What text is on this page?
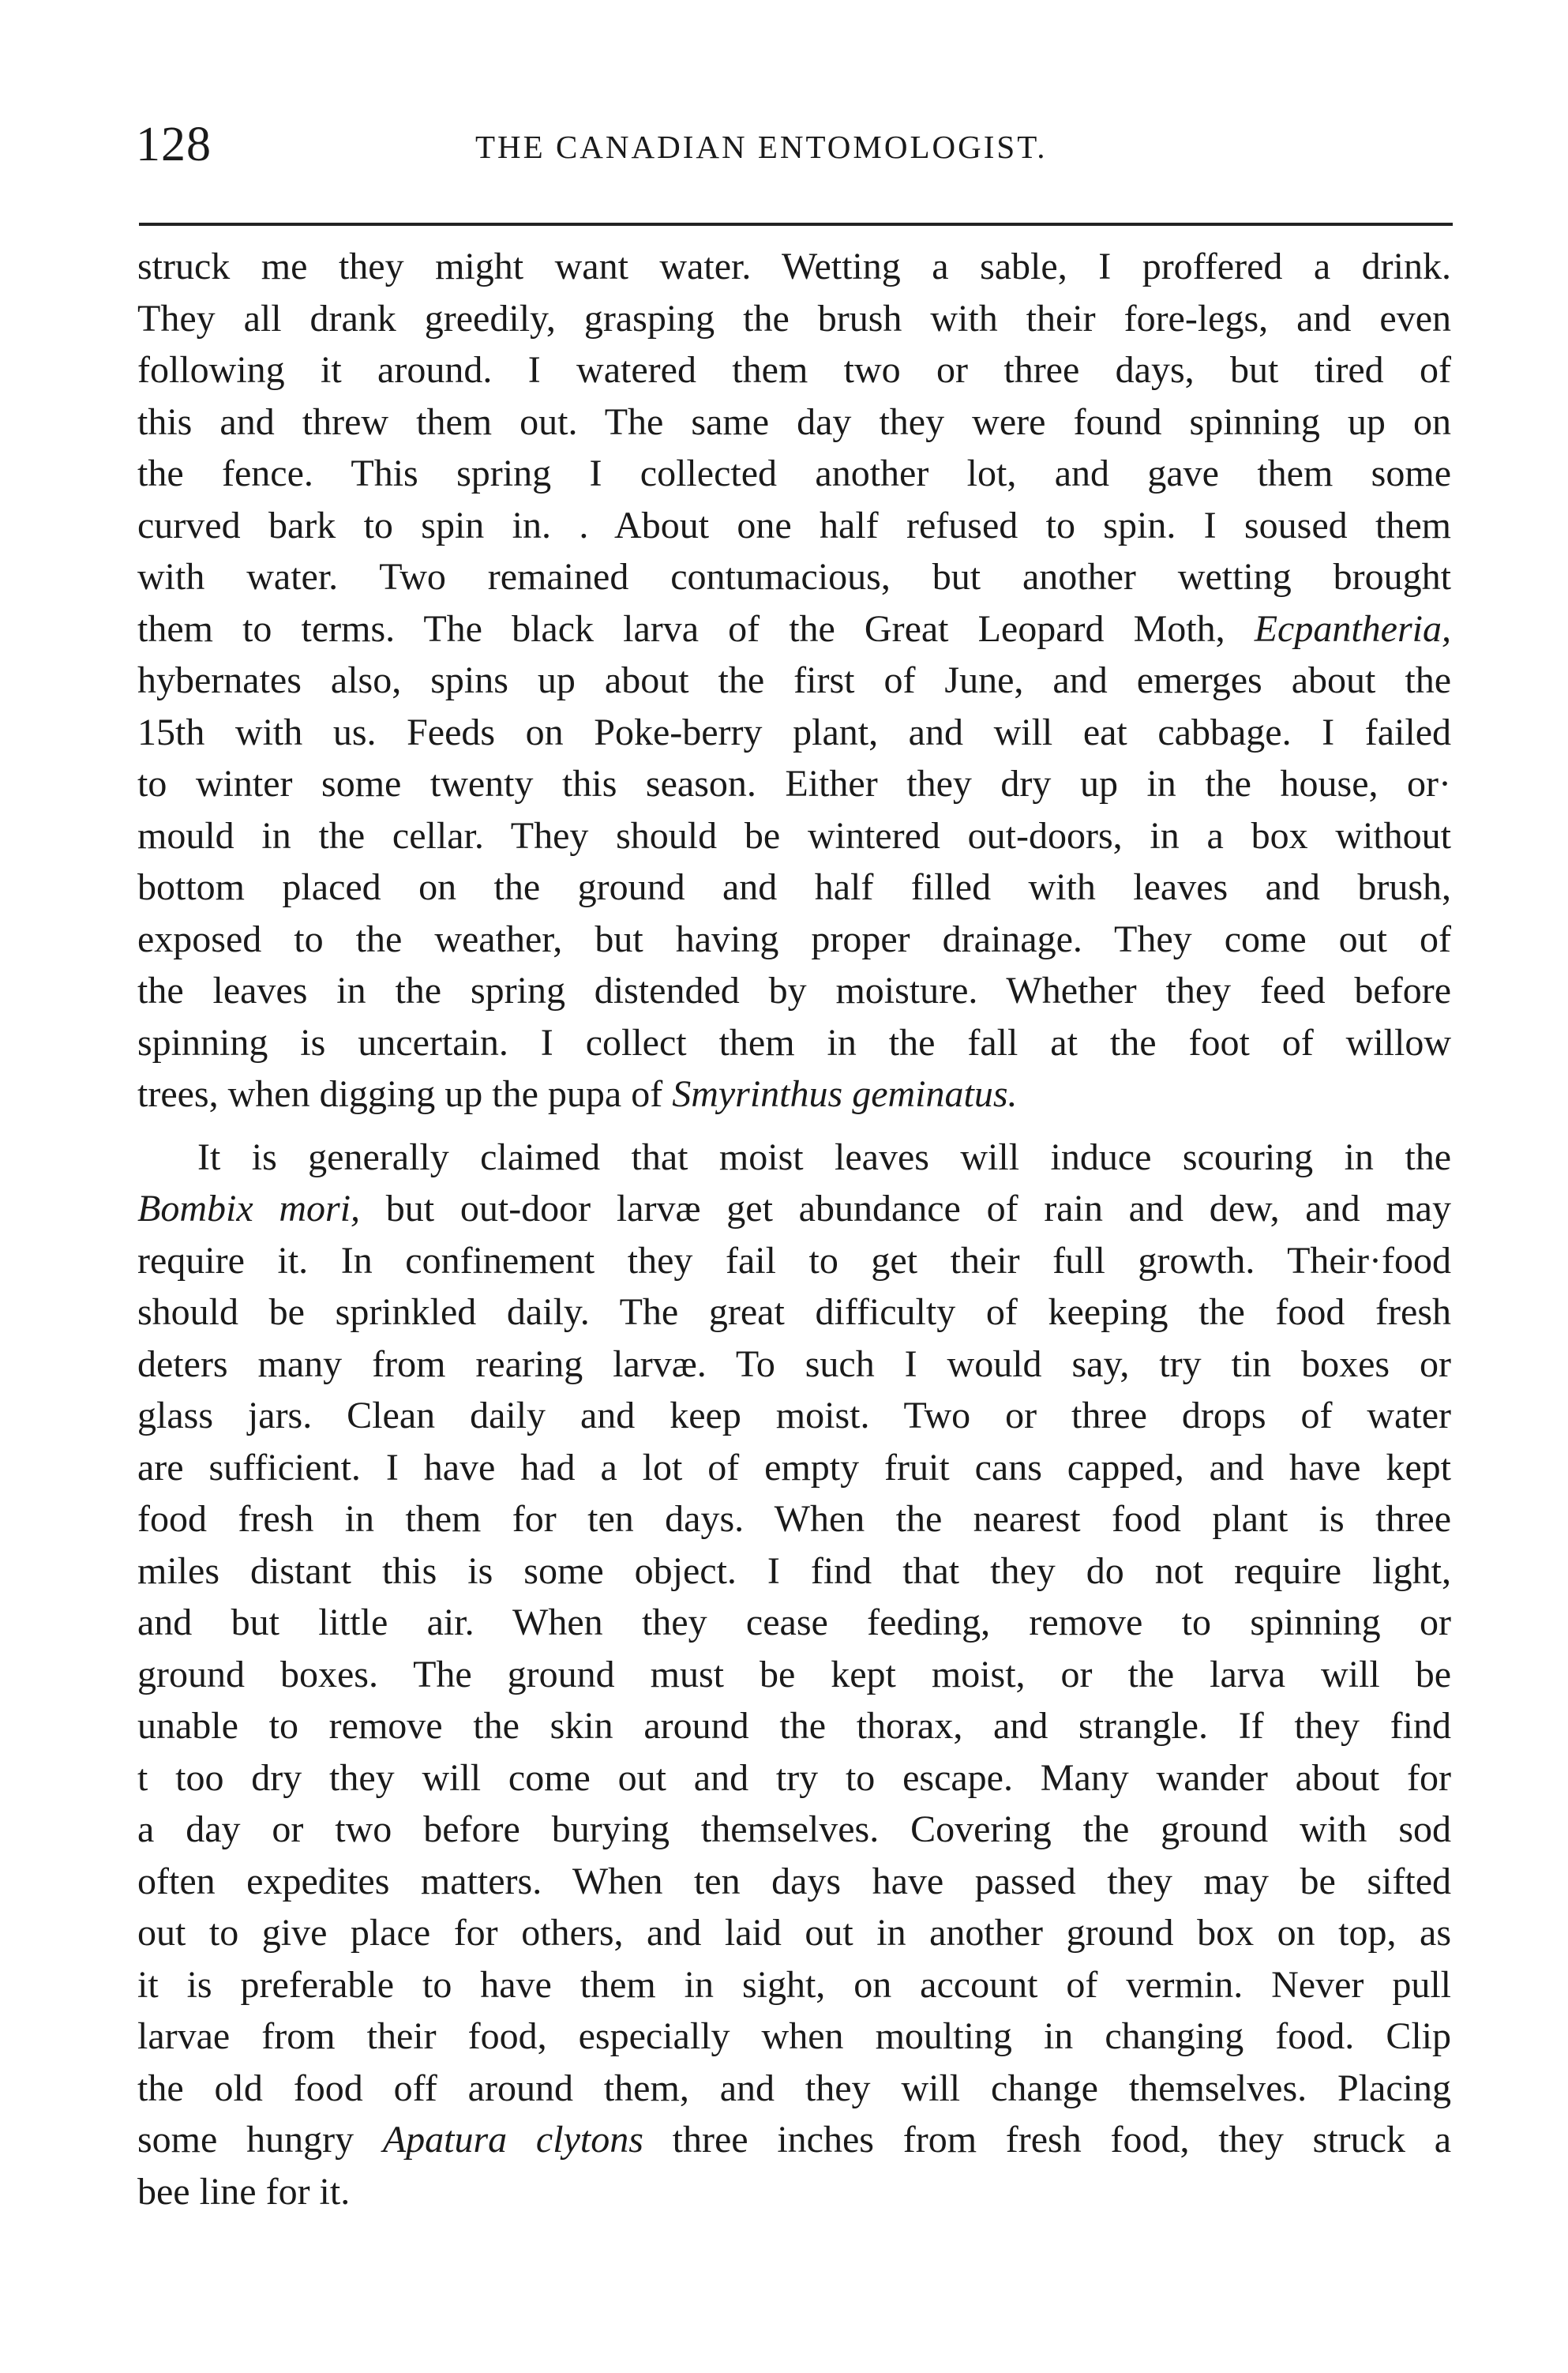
128	THE CANADIAN ENTOMOLOGIST.
struck me they might want water. Wetting a sable, I proffered a drink.
They all drank greedily, grasping the brush with their fore-legs, and even
following it around. I watered them two or three days, but tired of
this and threw them out. The same day they were found spinning up on
the fence. This spring I collected another lot, and gave them some
curved bark to spin in. . About one half refused to spin. I soused them
with water. Two remained contumacious, but another wetting brought
them to terms. The black larva of the Great Leopard Moth, Ecpantheria,
hybernates also, spins up about the first of June, and emerges about the
15th with us. Feeds on Poke-berry plant, and will eat cabbage. I failed
to winter some twenty this season. Either they dry up in the house, or·
mould in the cellar. They should be wintered out-doors, in a box without
bottom placed on the ground and half filled with leaves and brush,
exposed to the weather, but having proper drainage. They come out of
the leaves in the spring distended by moisture. Whether they feed before
spinning is uncertain. I collect them in the fall at the foot of willow
trees, when digging up the pupa of Smyrinthus geminatus.
It is generally claimed that moist leaves will induce scouring in the
Bombix mori, but out-door larvæ get abundance of rain and dew, and may
require it. In confinement they fail to get their full growth. Their·food
should be sprinkled daily. The great difficulty of keeping the food fresh
deters many from rearing larvæ. To such I would say, try tin boxes or
glass jars. Clean daily and keep moist. Two or three drops of water
are sufficient. I have had a lot of empty fruit cans capped, and have kept
food fresh in them for ten days. When the nearest food plant is three
miles distant this is some object. I find that they do not require light,
and but little air. When they cease feeding, remove to spinning or
ground boxes. The ground must be kept moist, or the larva will be
unable to remove the skin around the thorax, and strangle. If they find
t too dry they will come out and try to escape. Many wander about for
a day or two before burying themselves. Covering the ground with sod
often expedites matters. When ten days have passed they may be sifted
out to give place for others, and laid out in another ground box on top, as
it is preferable to have them in sight, on account of vermin. Never pull
larvae from their food, especially when moulting in changing food. Clip
the old food off around them, and they will change themselves. Placing
some hungry Apatura clytons three inches from fresh food, they struck a
bee line for it.
